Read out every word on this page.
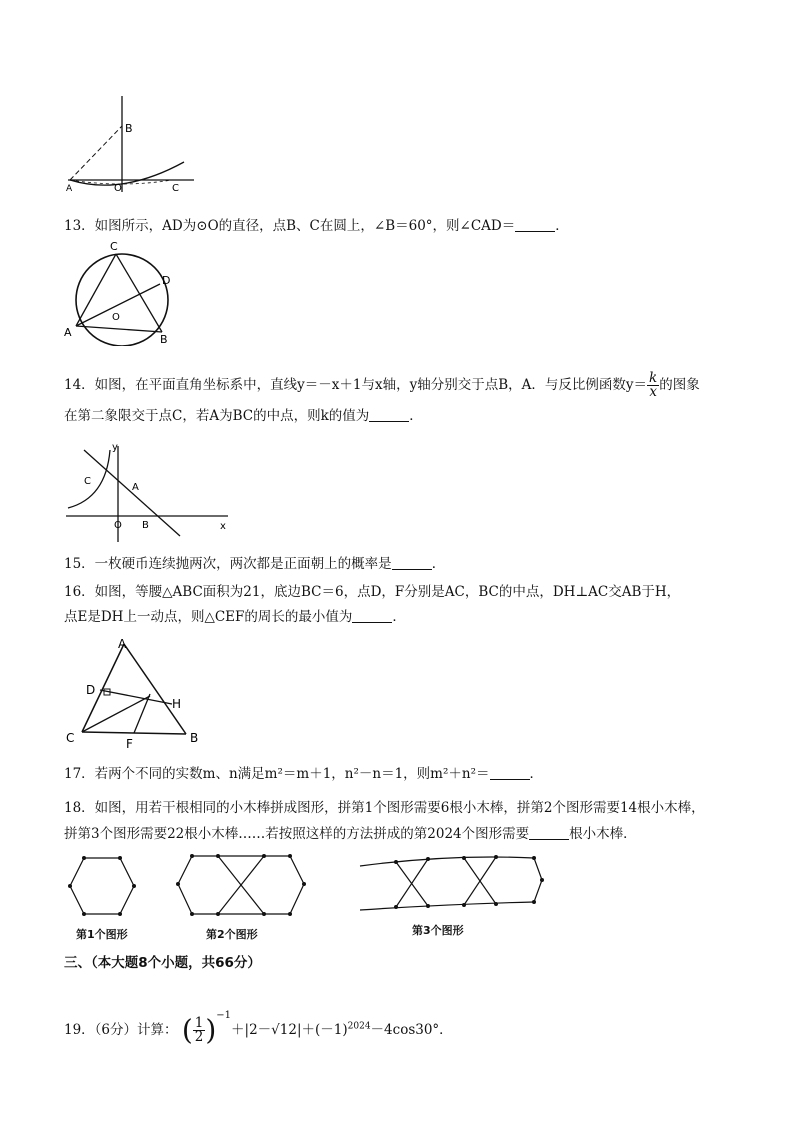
B
A	O	C
13．如图所示，AD为⊙O的直径，点B、C在圆上，∠B＝60°，则∠CAD＝	．
C
D
A
B
O
14．如图，在平面直角坐标系中，直线y＝－x＋1与x轴，y轴分别交于点B，A．与反比例函数$y= \frac{k}{x}$ 的图象
在第二象限交于点C，若A为BC的中点，则k的值为	．
y
x
C
A
O B
15．一枚硬币连续抛两次，两次都是正面朝上的概率是	．
16．如图，等腰△ABC面积为21，底边BC＝6，点D，F分别是AC，BC的中点，DH⊥AC交AB于H，
点E是DH上一动点，则△CEF的周长的最小值为	．
A
D
H
C	F	B
17．若两个不同的实数m、n满足m²＝m＋1，n²－n＝1，则m²＋n²＝	．
18．如图，用若干根相同的小木棒拼成图形，拼第1个图形需要6根小木棒，拼第2个图形需要14根小木棒，
拼第3个图形需要22根小木棒……若按照这样的方法拼成的第2024个图形需要	根小木棒．
第1个图形	第2个图形	第3个图形
三、（本大题8个小题，共66分）
19．（6分）计算： ( $\frac{1}{2} )^{-1}+|2-√12|+(-1)^{2024}-4\cos 30^\circ$．
